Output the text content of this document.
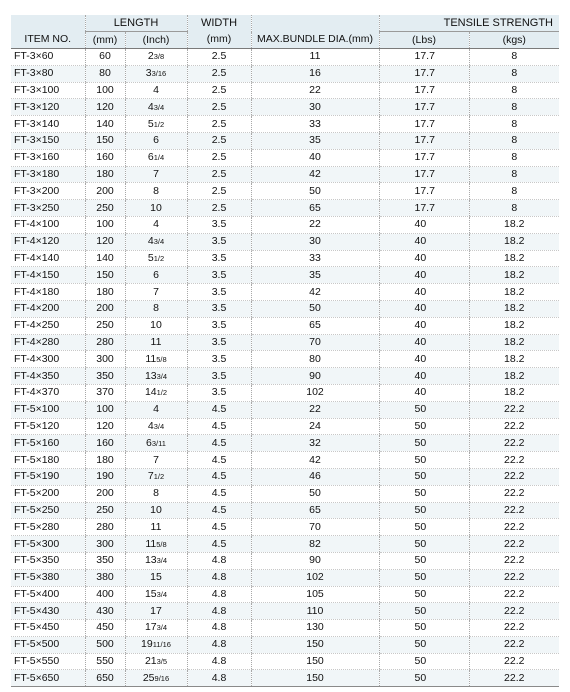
	LENGTH		WIDTH		TENSILE STRENGTH	
ITEM NO.	(mm)	(Inch)	(mm)	MAX.BUNDLE DIA.(mm)	(Lbs)	(kgs)
FT-3×60	60	23/8	2.5	11	17.7	8
FT-3×80	80	33/16	2.5	16	17.7	8
FT-3×100	100	4	2.5	22	17.7	8
FT-3×120	120	43/4	2.5	30	17.7	8
FT-3×140	140	51/2	2.5	33	17.7	8
FT-3×150	150	6	2.5	35	17.7	8
FT-3×160	160	61/4	2.5	40	17.7	8
FT-3×180	180	7	2.5	42	17.7	8
FT-3×200	200	8	2.5	50	17.7	8
FT-3×250	250	10	2.5	65	17.7	8
FT-4×100	100	4	3.5	22	40	18.2
FT-4×120	120	43/4	3.5	30	40	18.2
FT-4×140	140	51/2	3.5	33	40	18.2
FT-4×150	150	6	3.5	35	40	18.2
FT-4×180	180	7	3.5	42	40	18.2
FT-4×200	200	8	3.5	50	40	18.2
FT-4×250	250	10	3.5	65	40	18.2
FT-4×280	280	11	3.5	70	40	18.2
FT-4×300	300	115/8	3.5	80	40	18.2
FT-4×350	350	133/4	3.5	90	40	18.2
FT-4×370	370	141/2	3.5	102	40	18.2
FT-5×100	100	4	4.5	22	50	22.2
FT-5×120	120	43/4	4.5	24	50	22.2
FT-5×160	160	63/11	4.5	32	50	22.2
FT-5×180	180	7	4.5	42	50	22.2
FT-5×190	190	71/2	4.5	46	50	22.2
FT-5×200	200	8	4.5	50	50	22.2
FT-5×250	250	10	4.5	65	50	22.2
FT-5×280	280	11	4.5	70	50	22.2
FT-5×300	300	115/8	4.5	82	50	22.2
FT-5×350	350	133/4	4.8	90	50	22.2
FT-5×380	380	15	4.8	102	50	22.2
FT-5×400	400	153/4	4.8	105	50	22.2
FT-5×430	430	17	4.8	110	50	22.2
FT-5×450	450	173/4	4.8	130	50	22.2
FT-5×500	500	1911/16	4.8	150	50	22.2
FT-5×550	550	213/5	4.8	150	50	22.2
FT-5×650	650	259/16	4.8	150	50	22.2
